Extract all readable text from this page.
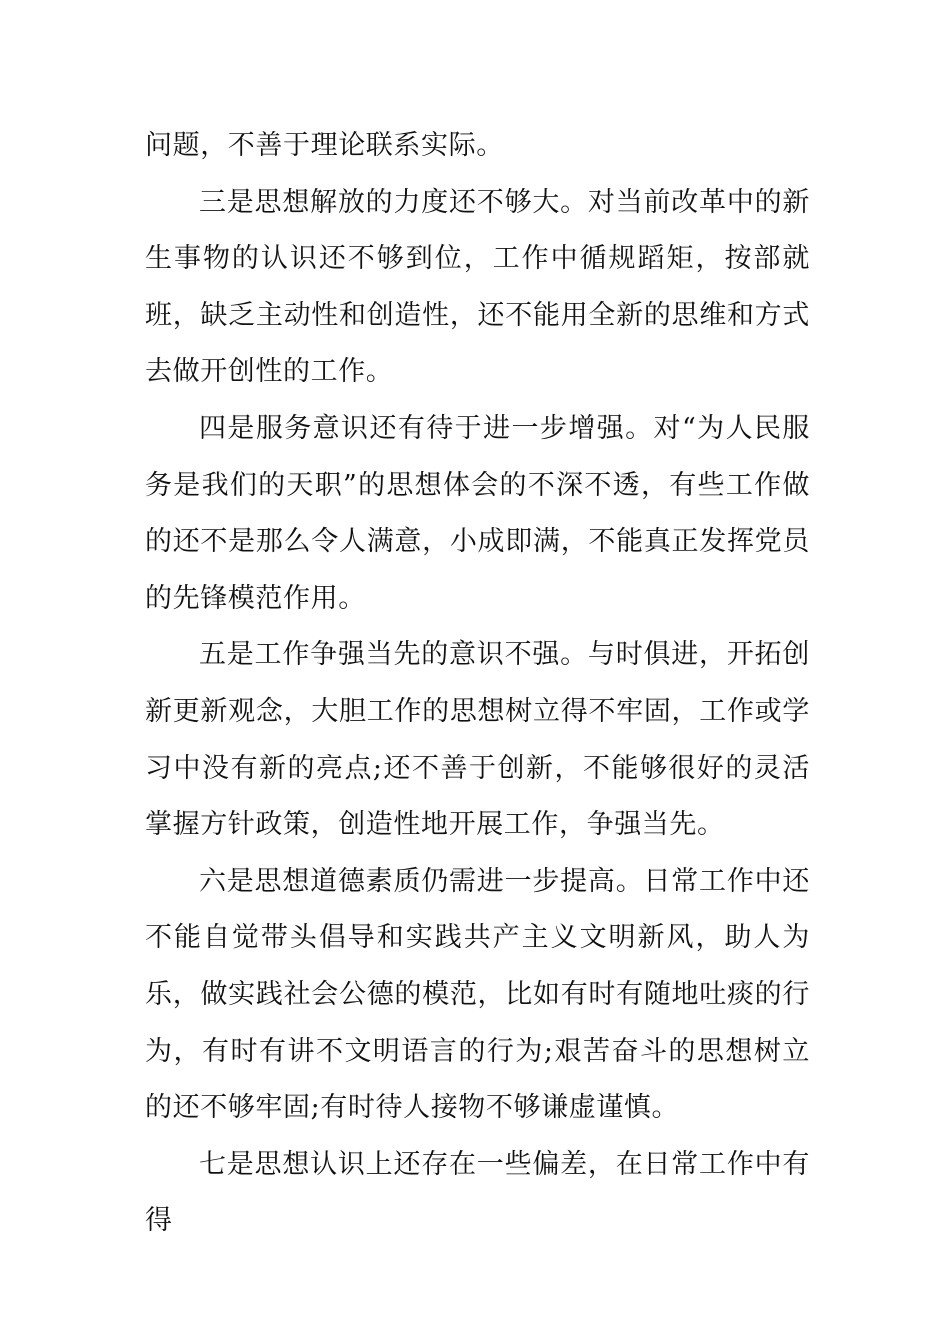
问题，不善于理论联系实际。

三是思想解放的力度还不够大。对当前改革中的新生事物的认识还不够到位，工作中循规蹈矩，按部就班，缺乏主动性和创造性，还不能用全新的思维和方式去做开创性的工作。

四是服务意识还有待于进一步增强。对“为人民服务是我们的天职”的思想体会的不深不透，有些工作做的还不是那么令人满意，小成即满，不能真正发挥党员的先锋模范作用。

五是工作争强当先的意识不强。与时俱进，开拓创新更新观念，大胆工作的思想树立得不牢固，工作或学习中没有新的亮点;还不善于创新，不能够很好的灵活掌握方针政策，创造性地开展工作，争强当先。

六是思想道德素质仍需进一步提高。日常工作中还不能自觉带头倡导和实践共产主义文明新风，助人为乐，做实践社会公德的模范，比如有时有随地吐痰的行为，有时有讲不文明语言的行为;艰苦奋斗的思想树立的还不够牢固;有时待人接物不够谦虚谨慎。

七是思想认识上还存在一些偏差，在日常工作中有得
